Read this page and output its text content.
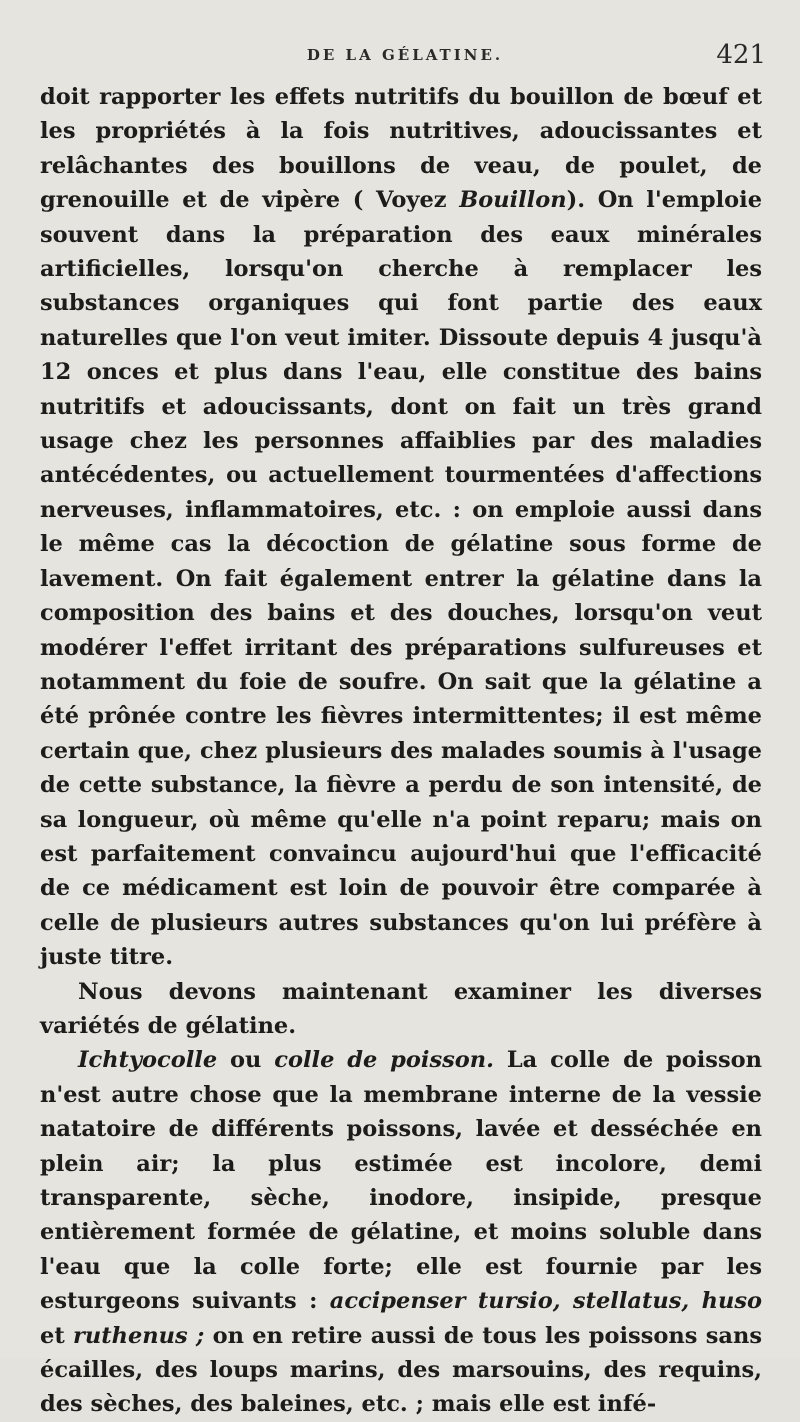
DE LA GÉLATINE.	421

doit rapporter les effets nutritifs du bouillon de bœuf et les propriétés à la fois nutritives, adoucissantes et relâchantes des bouillons de veau, de poulet, de grenouille et de vipère ( Voyez Bouillon). On l'emploie souvent dans la préparation des eaux minérales artificielles, lorsqu'on cherche à remplacer les substances organiques qui font partie des eaux naturelles que l'on veut imiter. Dissoute depuis 4 jusqu'à 12 onces et plus dans l'eau, elle constitue des bains nutritifs et adoucissants, dont on fait un très grand usage chez les personnes affaiblies par des maladies antécédentes, ou actuellement tourmentées d'affections nerveuses, inflammatoires, etc. : on emploie aussi dans le même cas la décoction de gélatine sous forme de lavement. On fait également entrer la gélatine dans la composition des bains et des douches, lorsqu'on veut modérer l'effet irritant des préparations sulfureuses et notamment du foie de soufre. On sait que la gélatine a été prônée contre les fièvres intermittentes; il est même certain que, chez plusieurs des malades soumis à l'usage de cette substance, la fièvre a perdu de son intensité, de sa longueur, où même qu'elle n'a point reparu; mais on est parfaitement convaincu aujourd'hui que l'efficacité de ce médicament est loin de pouvoir être comparée à celle de plusieurs autres substances qu'on lui préfère à juste titre.

Nous devons maintenant examiner les diverses variétés de gélatine.

Ichtyocolle ou colle de poisson. La colle de poisson n'est autre chose que la membrane interne de la vessie natatoire de différents poissons, lavée et desséchée en plein air; la plus estimée est incolore, demi transparente, sèche, inodore, insipide, presque entièrement formée de gélatine, et moins soluble dans l'eau que la colle forte; elle est fournie par les esturgeons suivants : accipenser tursio, stellatus, huso et ruthenus ; on en retire aussi de tous les poissons sans écailles, des loups marins, des marsouins, des requins, des sèches, des baleines, etc. ; mais elle est infé-
